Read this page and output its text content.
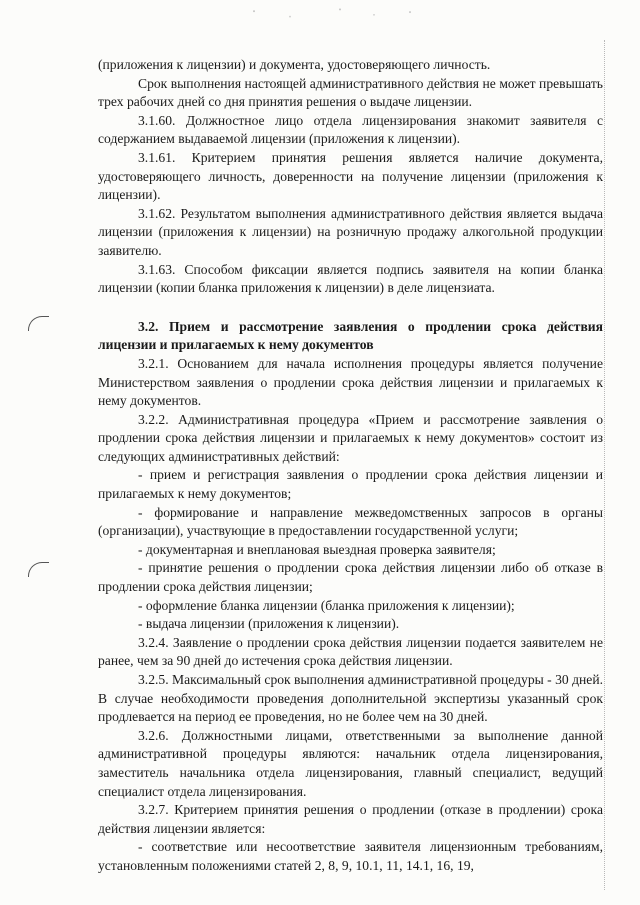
(приложения к лицензии) и документа, удостоверяющего личность.

Срок выполнения настоящей административного действия не может превышать трех рабочих дней со дня принятия решения о выдаче лицензии.

3.1.60. Должностное лицо отдела лицензирования знакомит заявителя с содержанием выдаваемой лицензии (приложения к лицензии).

3.1.61. Критерием принятия решения является наличие документа, удостоверяющего личность, доверенности на получение лицензии (приложения к лицензии).

3.1.62. Результатом выполнения административного действия является выдача лицензии (приложения к лицензии) на розничную продажу алкогольной продукции заявителю.

3.1.63. Способом фиксации является подпись заявителя на копии бланка лицензии (копии бланка приложения к лицензии) в деле лицензиата.

3.2. Прием и рассмотрение заявления о продлении срока действия лицензии и прилагаемых к нему документов

3.2.1. Основанием для начала исполнения процедуры является получение Министерством заявления о продлении срока действия лицензии и прилагаемых к нему документов.

3.2.2. Административная процедура «Прием и рассмотрение заявления о продлении срока действия лицензии и прилагаемых к нему документов» состоит из следующих административных действий:

- прием и регистрация заявления о продлении срока действия лицензии и прилагаемых к нему документов;

- формирование и направление межведомственных запросов в органы (организации), участвующие в предоставлении государственной услуги;

- документарная и внеплановая выездная проверка заявителя;

- принятие решения о продлении срока действия лицензии либо об отказе в продлении срока действия лицензии;

- оформление бланка лицензии (бланка приложения к лицензии);

- выдача лицензии (приложения к лицензии).

3.2.4. Заявление о продлении срока действия лицензии подается заявителем не ранее, чем за 90 дней до истечения срока действия лицензии.

3.2.5. Максимальный срок выполнения административной процедуры - 30 дней. В случае необходимости проведения дополнительной экспертизы указанный срок продлевается на период ее проведения, но не более чем на 30 дней.

3.2.6. Должностными лицами, ответственными за выполнение данной административной процедуры являются: начальник отдела лицензирования, заместитель начальника отдела лицензирования, главный специалист, ведущий специалист отдела лицензирования.

3.2.7. Критерием принятия решения о продлении (отказе в продлении) срока действия лицензии является:

- соответствие или несоответствие заявителя лицензионным требованиям, установленным положениями статей 2, 8, 9, 10.1, 11, 14.1, 16, 19,
